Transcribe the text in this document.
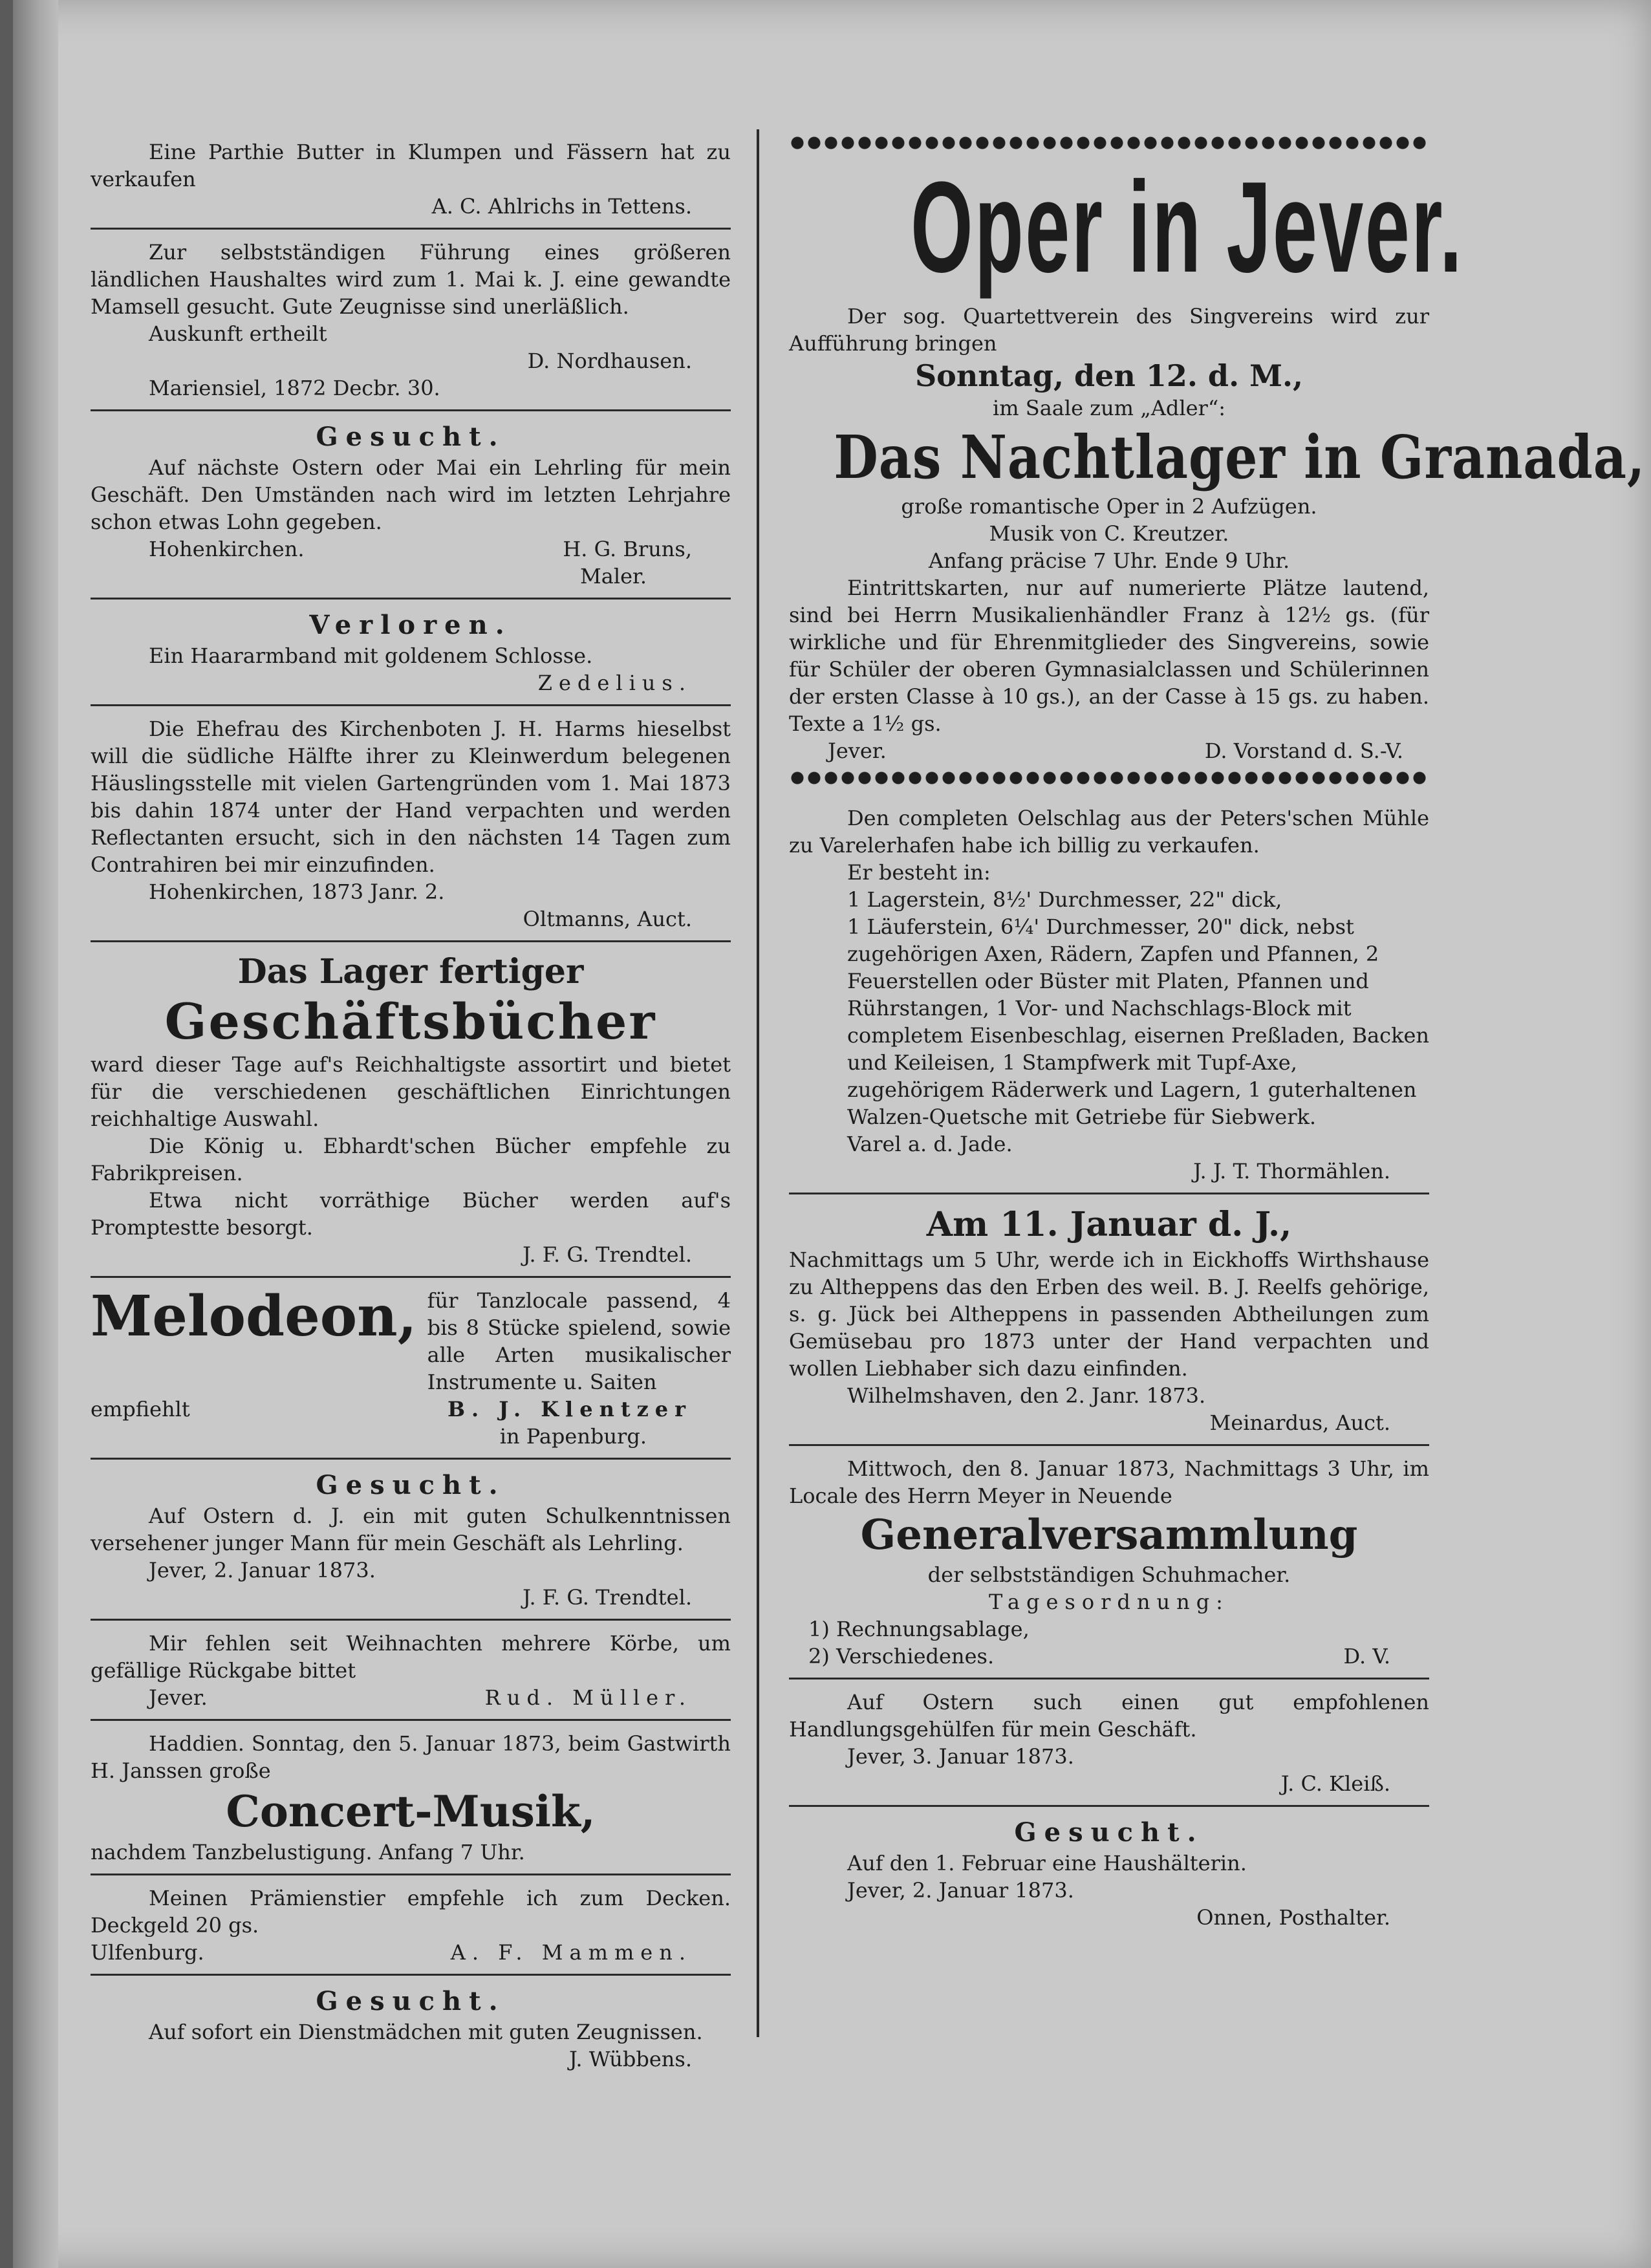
Eine Parthie Butter in Klumpen und Fässern hat zu verkaufen

A. C. Ahlrichs in Tettens.

Zur selbstständigen Führung eines größeren ländlichen Haushaltes wird zum 1. Mai k. J. eine gewandte Mamsell gesucht. Gute Zeugnisse sind unerläßlich.

Auskunft ertheilt

D. Nordhausen.

Mariensiel, 1872 Decbr. 30.

Gesucht.

Auf nächste Ostern oder Mai ein Lehrling für mein Geschäft. Den Umständen nach wird im letzten Lehrjahre schon etwas Lohn gegeben.

Hohenkirchen.	H. G. Bruns,

Maler.

Verloren.

Ein Haararmband mit goldenem Schlosse.

Zedelius.

Die Ehefrau des Kirchenboten J. H. Harms hieselbst will die südliche Hälfte ihrer zu Kleinwerdum belegenen Häuslingsstelle mit vielen Gartengründen vom 1. Mai 1873 bis dahin 1874 unter der Hand verpachten und werden Reflectanten ersucht, sich in den nächsten 14 Tagen zum Contrahiren bei mir einzufinden.

Hohenkirchen, 1873 Janr. 2.

Oltmanns, Auct.

Das Lager fertiger

Geschäftsbücher

ward dieser Tage auf's Reichhaltigste assortirt und bietet für die verschiedenen geschäftlichen Einrichtungen reichhaltige Auswahl.

Die König u. Ebhardt'schen Bücher empfehle zu Fabrikpreisen.

Etwa nicht vorräthige Bücher werden auf's Promptestte besorgt.

J. F. G. Trendtel.

Melodeon, für Tanzlocale passend, 4 bis 8 Stücke spielend, sowie alle Arten musikalischer Instrumente u. Saiten

empfiehlt	B. J. Klentzer

in Papenburg.

Gesucht.

Auf Ostern d. J. ein mit guten Schulkenntnissen versehener junger Mann für mein Geschäft als Lehrling.

Jever, 2. Januar 1873.

J. F. G. Trendtel.

Mir fehlen seit Weihnachten mehrere Körbe, um gefällige Rückgabe bittet

Jever.	Rud. Müller.

Haddien. Sonntag, den 5. Januar 1873, beim Gastwirth H. Janssen große

Concert-Musik,

nachdem Tanzbelustigung. Anfang 7 Uhr.

Meinen Prämienstier empfehle ich zum Decken. Deckgeld 20 gs.

Ulfenburg.	A. F. Mammen.

Gesucht.

Auf sofort ein Dienstmädchen mit guten Zeugnissen.

J. Wübbens.

Oper in Jever.

Der sog. Quartettverein des Singvereins wird zur Aufführung bringen

Sonntag, den 12. d. M.,

im Saale zum „Adler“:

Das Nachtlager in Granada,

große romantische Oper in 2 Aufzügen.

Musik von C. Kreutzer.

Anfang präcise 7 Uhr. Ende 9 Uhr.

Eintrittskarten, nur auf numerierte Plätze lautend, sind bei Herrn Musikalienhändler Franz à 12½ gs. (für wirkliche und für Ehrenmitglieder des Singvereins, sowie für Schüler der oberen Gymnasialclassen und Schülerinnen der ersten Classe à 10 gs.), an der Casse à 15 gs. zu haben. Texte a 1½ gs.

Jever.	D. Vorstand d. S.-V.

Den completen Oelschlag aus der Peters'schen Mühle zu Varelerhafen habe ich billig zu verkaufen.

Er besteht in:

1 Lagerstein, 8½' Durchmesser, 22" dick,

1 Läuferstein, 6¼' Durchmesser, 20" dick, nebst zugehörigen Axen, Rädern, Zapfen und Pfannen, 2 Feuerstellen oder Büster mit Platen, Pfannen und Rührstangen, 1 Vor- und Nachschlags-Block mit completem Eisenbeschlag, eisernen Preßladen, Backen und Keileisen, 1 Stampfwerk mit Tupf-Axe, zugehörigem Räderwerk und Lagern, 1 guterhaltenen Walzen-Quetsche mit Getriebe für Siebwerk.

Varel a. d. Jade.

J. J. T. Thormählen.

Am 11. Januar d. J.,

Nachmittags um 5 Uhr, werde ich in Eickhoffs Wirthshause zu Altheppens das den Erben des weil. B. J. Reelfs gehörige, s. g. Jück bei Altheppens in passenden Abtheilungen zum Gemüsebau pro 1873 unter der Hand verpachten und wollen Liebhaber sich dazu einfinden.

Wilhelmshaven, den 2. Janr. 1873.

Meinardus, Auct.

Mittwoch, den 8. Januar 1873, Nachmittags 3 Uhr, im Locale des Herrn Meyer in Neuende

Generalversammlung

der selbstständigen Schuhmacher.

Tagesordnung:

1) Rechnungsablage,

2) Verschiedenes.	D. V.

Auf Ostern such einen gut empfohlenen Handlungsgehülfen für mein Geschäft.

Jever, 3. Januar 1873.

J. C. Kleiß.

Gesucht.

Auf den 1. Februar eine Haushälterin.

Jever, 2. Januar 1873.

Onnen, Posthalter.
